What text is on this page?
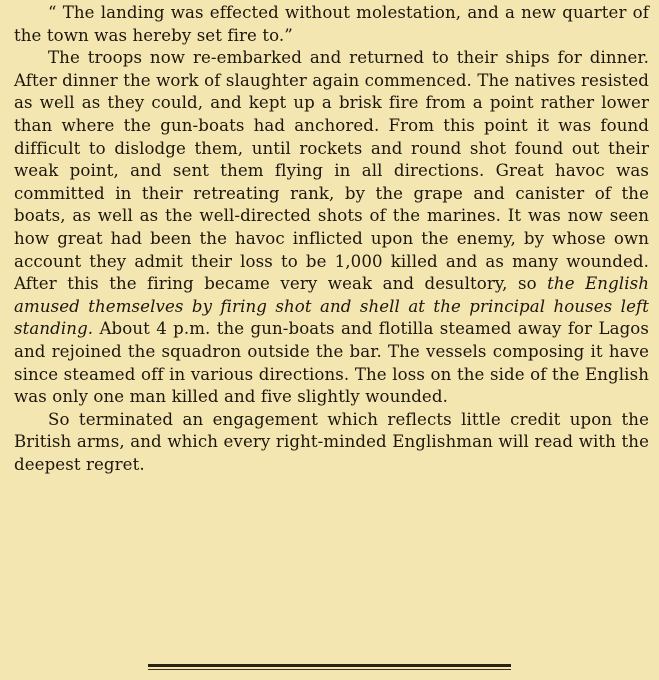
“ The landing was effected without molestation, and a new quarter of the town was hereby set fire to.”

The troops now re-embarked and returned to their ships for dinner. After dinner the work of slaughter again commenced. The natives resisted as well as they could, and kept up a brisk fire from a point rather lower than where the gun-boats had anchored. From this point it was found difficult to dislodge them, until rockets and round shot found out their weak point, and sent them flying in all directions. Great havoc was committed in their retreating rank, by the grape and canister of the boats, as well as the well-directed shots of the marines. It was now seen how great had been the havoc inflicted upon the enemy, by whose own account they admit their loss to be 1,000 killed and as many wounded. After this the firing became very weak and desultory, so the English amused themselves by firing shot and shell at the principal houses left standing. About 4 p.m. the gun-boats and flotilla steamed away for Lagos and rejoined the squadron outside the bar. The vessels composing it have since steamed off in various directions. The loss on the side of the English was only one man killed and five slightly wounded.

So terminated an engagement which reflects little credit upon the British arms, and which every right-minded Englishman will read with the deepest regret.
